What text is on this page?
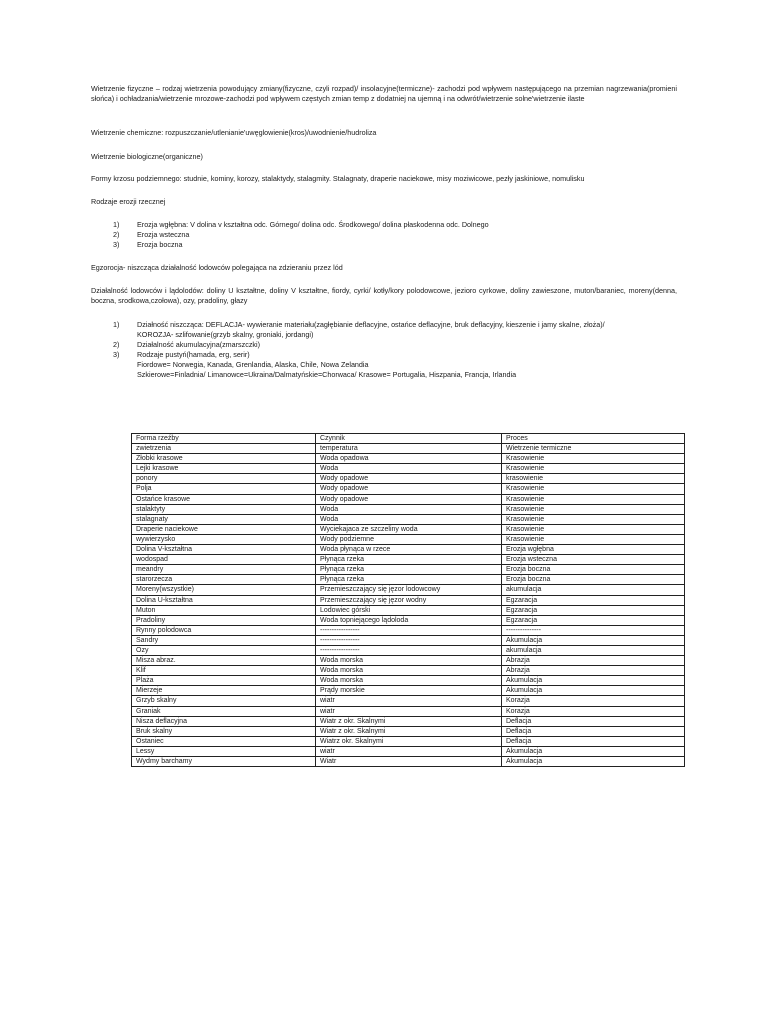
Wietrzenie fizyczne – rodzaj wietrzenia powodujący zmiany(fizyczne, czyli rozpad)/ insolacyjne(termiczne)- zachodzi pod wpływem następującego na przemian nagrzewania(promieni słońca) i ochładzania/wietrzenie mrozowe-zachodzi pod wpływem częstych zmian temp z dodatniej na ujemną i na odwrót/wietrzenie solne'wietrzenie ilaste
Wietrzenie chemiczne: rozpuszczanie/utlenianie'uwęglowienie(kros)/uwodnienie/hudroliza
Wietrzenie biologiczne(organiczne)
Formy krzosu podziemnego: studnie, kominy, korozy, stalaktydy, stalagmity. Stalagnaty, draperie naciekowe, misy moziwicowe, pezły jaskiniowe, nomulisku
Rodzaje erozji rzecznej
1) Erozja wgłębna: V dolina v kształtna odc. Górnego/ dolina odc. Środkowego/ dolina płaskodenna odc. Dolnego
2) Erozja wsteczna
3) Erozja boczna
Egzorocja- niszcząca działalność lodowców polegająca na zdzieraniu przez lód
Działalność lodowców i lądolodów: doliny U kształtne, doliny V kształtne, fiordy, cyrki/ kotły/kory polodowcowe, jezioro cyrkowe, doliny zawieszone, muton/baraniec, moreny(denna, boczna, srodkowa,czołowa), ozy, pradoliny, głazy
1) Działność niszcząca: DEFLACJA- wywieranie materiału(zagłębianie deflacyjne, ostańce deflacyjne, bruk deflacyjny, kieszenie i jamy skalne, złoża)/
KOROZJA- szlifowanie(grzyb skalny, groniaki, jordangi)
2) Działalność akumulacyjna(zmarszczki)
3) Rodzaje pustyń(hamada, erg, serir)
Fiordowe= Norwegia, Kanada, Grenlandia, Alaska, Chile, Nowa Zelandia
Szkierowe=Finladnia/ Limanowce=Ukraina/Dalmatyńskie=Chorwaca/ Krasowe= Portugalia, Hiszpania, Francja, Irlandia
Forma rzeźby	Czynnik	Proces
zwietrzenia	temperatura	Wietrzenie termiczne
Żłobki krasowe	Woda opadowa	Krasowienie
Lejki krasowe	Woda	Krasowienie
ponory	Wody opadowe	krasowienie
Polja	Wody opadowe	Krasowienie
Ostańce krasowe	Wody opadowe	Krasowienie
stalaktyty	Woda	Krasowienie
stalagnaty	Woda	Krasowienie
Draperie naciekowe	Wyciekajaca ze szczeliny woda	Krasowienie
wywierzysko	Wody podziemne	Krasowienie
Dolina V-kształtna	Woda płynąca w rzece	Erozja wgłębna
wodospad	Płynąca rzeka	Erozja wsteczna
meandry	Płynąca rzeka	Erozja boczna
starorzecza	Płynąca rzeka	Erozja boczna
Moreny(wszystkie)	Przemieszczający się jęzor lodowcowy	akumulacja
Dolina U-kształtna	Przemieszczający się jęzor wodny	Egzaracja
Muton	Lodowiec górski	Egzaracja
Pradoliny	Woda topniejącego lądoloda	Egzaracja
Rynny polodowca	-----------------	---------------
Sandry	-----------------	Akumulacja
Ozy	-----------------	akumulacja
Misza abraz.	Woda morska	Abrazja
Klif	Woda morska	Abrazja
Plaża	Woda morska	Akumulacja
Mierzeje	Prądy morskie	Akumulacja
Grzyb skalny	wiatr	Korazja
Graniak	wiatr	Korazja
Nisza deflacyjna	Wiatr z okr. Skalnymi	Deflacja
Bruk skalny	Wiatr z okr. Skalnymi	Deflacja
Ostaniec	Wiatrz okr. Skalnymi	Deflacja
Lessy	wiatr	Akumulacja
Wydmy barchamy	Wiatr	Akumulacja
